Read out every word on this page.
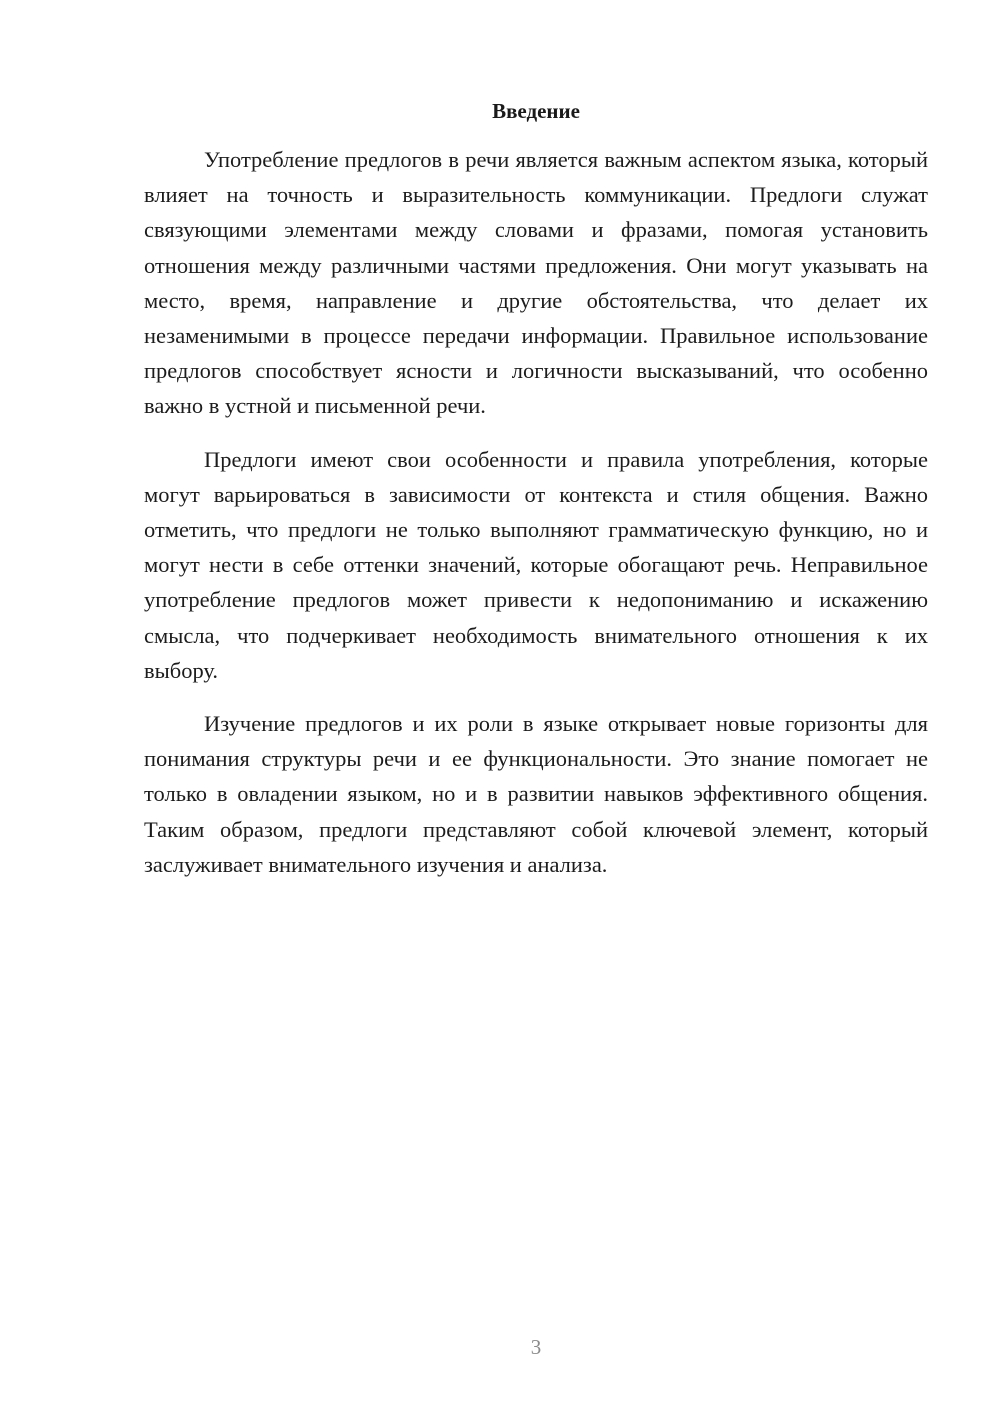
Введение

Употребление предлогов в речи является важным аспектом языка, который влияет на точность и выразительность коммуникации. Предлоги служат связующими элементами между словами и фразами, помогая установить отношения между различными частями предложения. Они могут указывать на место, время, направление и другие обстоятельства, что делает их незаменимыми в процессе передачи информации. Правильное использование предлогов способствует ясности и логичности высказываний, что особенно важно в устной и письменной речи.

Предлоги имеют свои особенности и правила употребления, которые могут варьироваться в зависимости от контекста и стиля общения. Важно отметить, что предлоги не только выполняют грамматическую функцию, но и могут нести в себе оттенки значений, которые обогащают речь. Неправильное употребление предлогов может привести к недопониманию и искажению смысла, что подчеркивает необходимость внимательного отношения к их выбору.

Изучение предлогов и их роли в языке открывает новые горизонты для понимания структуры речи и ее функциональности. Это знание помогает не только в овладении языком, но и в развитии навыков эффективного общения. Таким образом, предлоги представляют собой ключевой элемент, который заслуживает внимательного изучения и анализа.

3
